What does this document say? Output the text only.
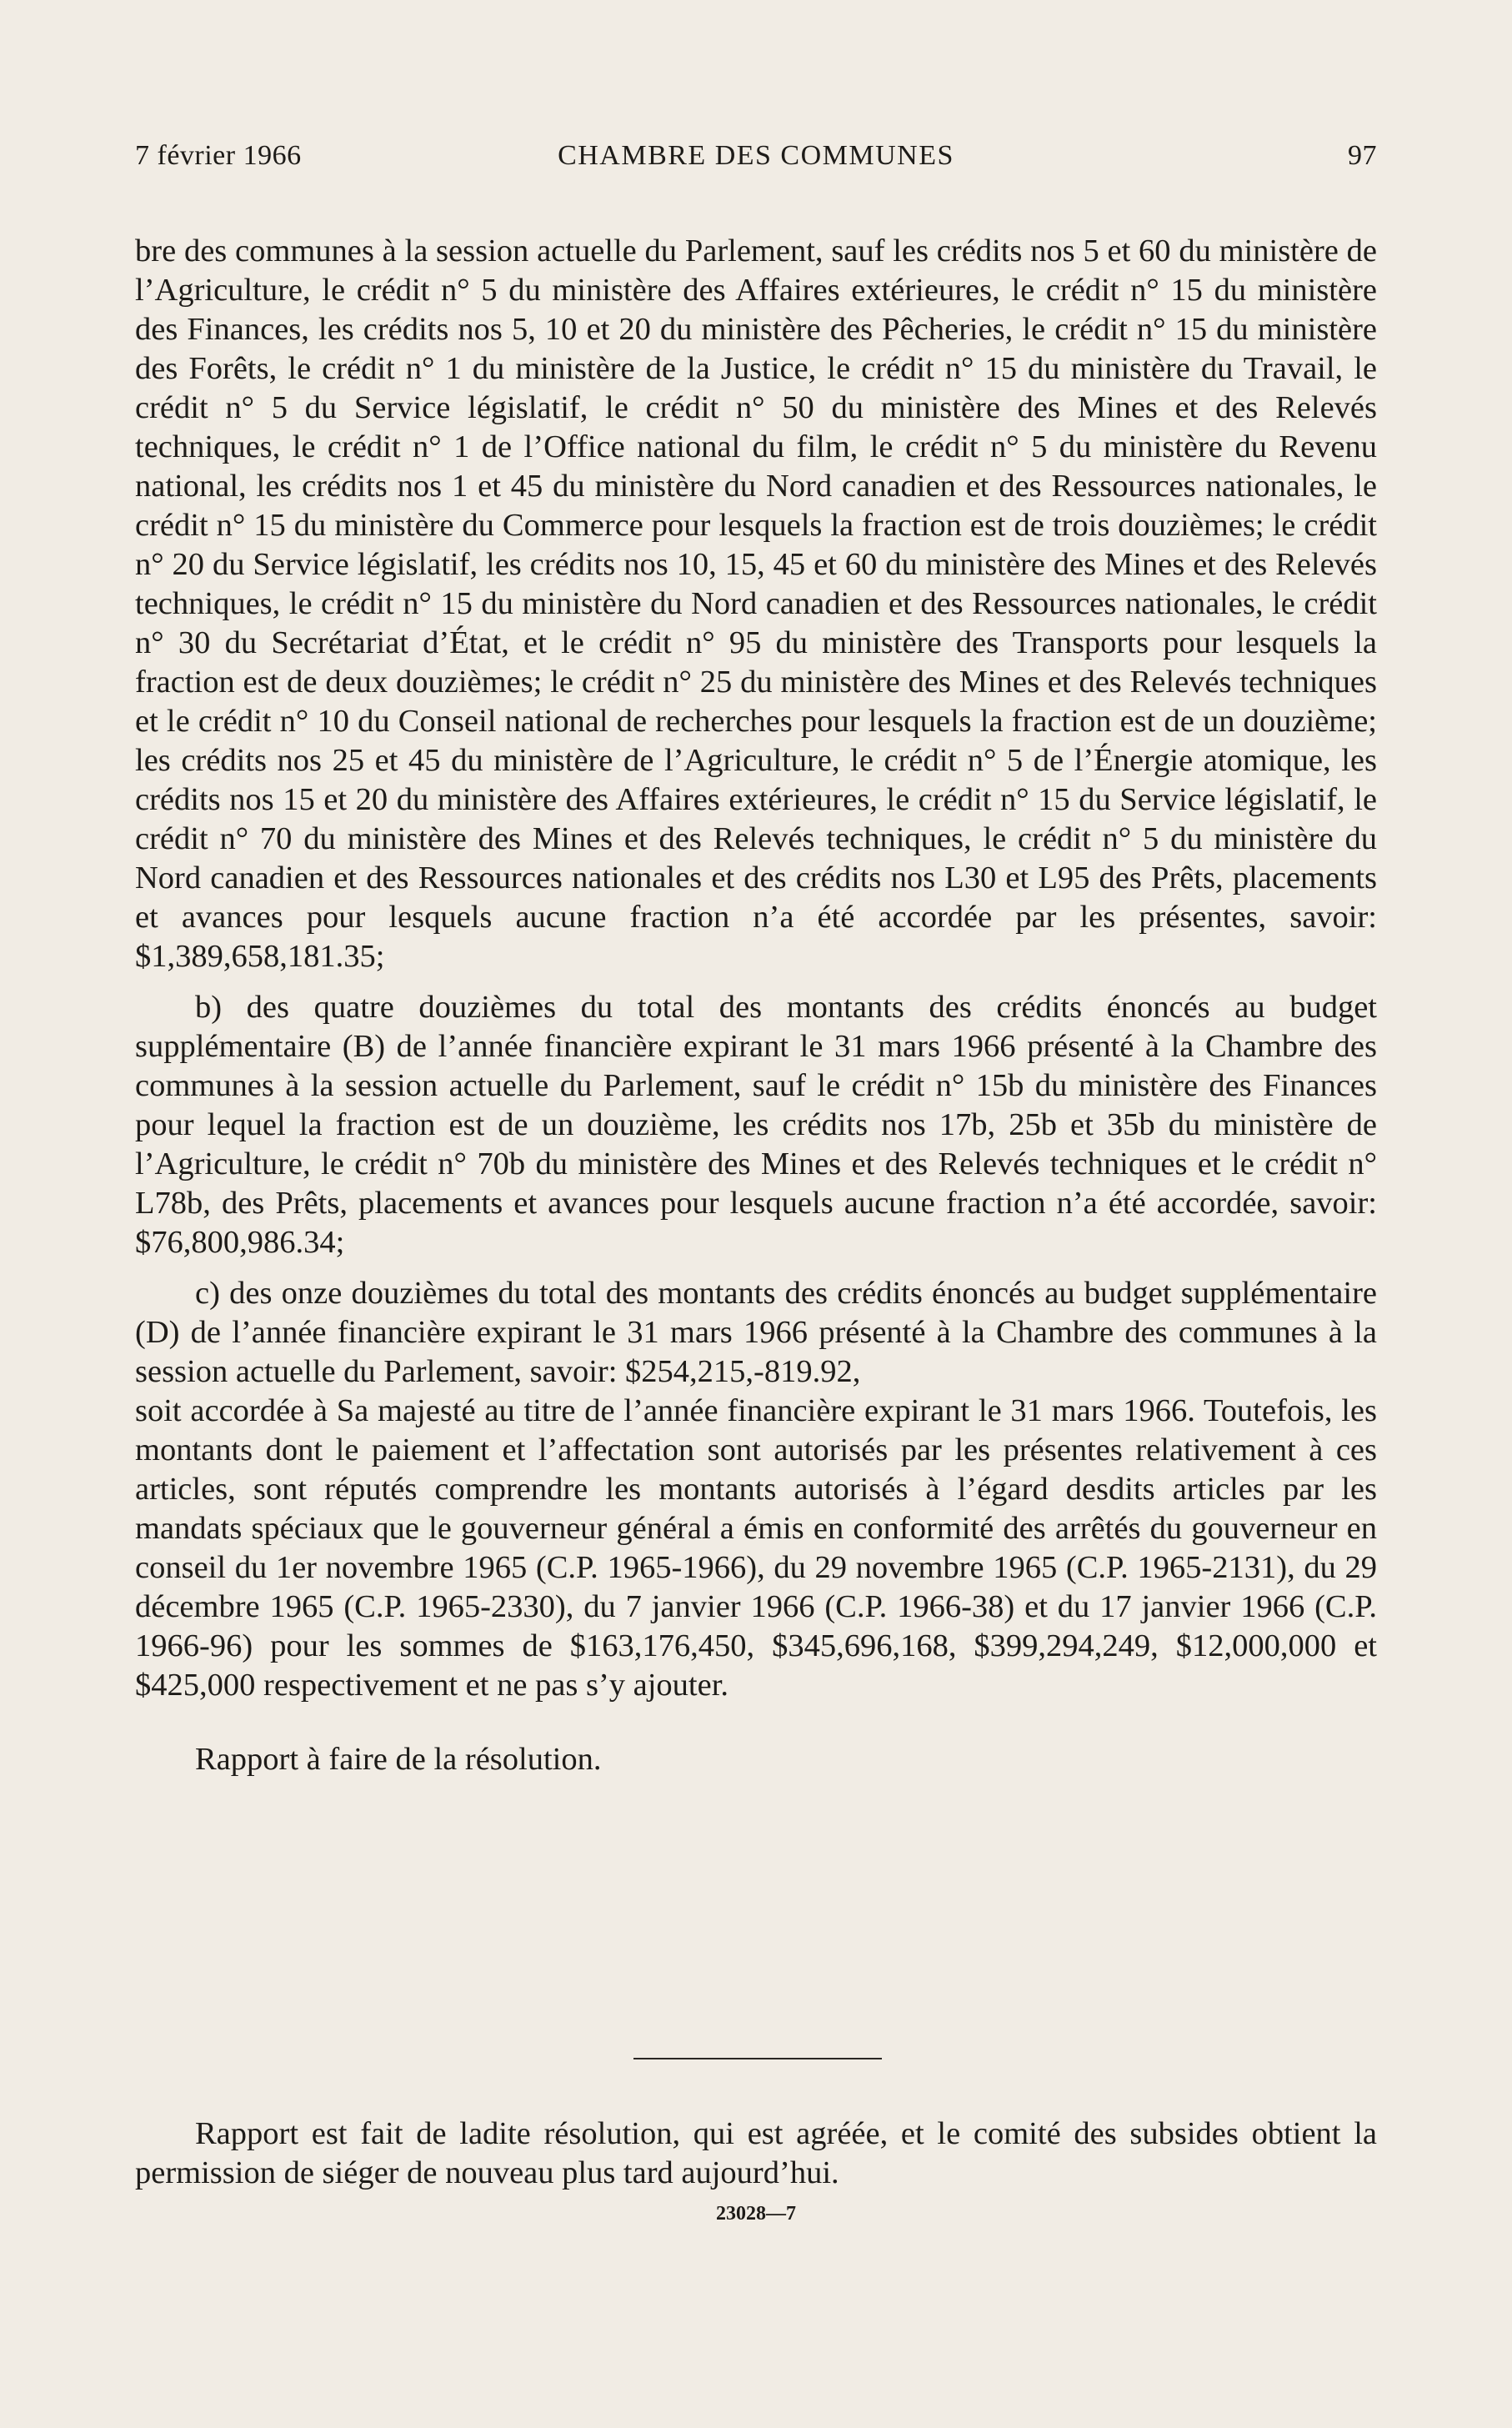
7 février 1966	CHAMBRE DES COMMUNES	97

bre des communes à la session actuelle du Parlement, sauf les crédits nos 5 et 60 du ministère de l’Agriculture, le crédit n° 5 du ministère des Affaires extérieures, le crédit n° 15 du ministère des Finances, les crédits nos 5, 10 et 20 du ministère des Pêcheries, le crédit n° 15 du ministère des Forêts, le crédit n° 1 du ministère de la Justice, le crédit n° 15 du ministère du Travail, le crédit n° 5 du Service législatif, le crédit n° 50 du ministère des Mines et des Relevés techniques, le crédit n° 1 de l’Office national du film, le crédit n° 5 du ministère du Revenu national, les crédits nos 1 et 45 du ministère du Nord canadien et des Ressources nationales, le crédit n° 15 du ministère du Commerce pour lesquels la fraction est de trois douzièmes; le crédit n° 20 du Service législatif, les crédits nos 10, 15, 45 et 60 du ministère des Mines et des Relevés techniques, le crédit n° 15 du ministère du Nord canadien et des Ressources nationales, le crédit n° 30 du Secrétariat d’État, et le crédit n° 95 du ministère des Transports pour lesquels la fraction est de deux douzièmes; le crédit n° 25 du ministère des Mines et des Relevés techniques et le crédit n° 10 du Conseil national de recherches pour lesquels la fraction est de un douzième; les crédits nos 25 et 45 du ministère de l’Agriculture, le crédit n° 5 de l’Énergie atomique, les crédits nos 15 et 20 du ministère des Affaires extérieures, le crédit n° 15 du Service législatif, le crédit n° 70 du ministère des Mines et des Relevés techniques, le crédit n° 5 du ministère du Nord canadien et des Ressources nationales et des crédits nos L30 et L95 des Prêts, placements et avances pour lesquels aucune fraction n’a été accordée par les présentes, savoir: $1,389,658,181.35;

b) des quatre douzièmes du total des montants des crédits énoncés au budget supplémentaire (B) de l’année financière expirant le 31 mars 1966 présenté à la Chambre des communes à la session actuelle du Parlement, sauf le crédit n° 15b du ministère des Finances pour lequel la fraction est de un douzième, les crédits nos 17b, 25b et 35b du ministère de l’Agriculture, le crédit n° 70b du ministère des Mines et des Relevés techniques et le crédit n° L78b, des Prêts, placements et avances pour lesquels aucune fraction n’a été accordée, savoir: $76,800,986.34;

c) des onze douzièmes du total des montants des crédits énoncés au budget supplémentaire (D) de l’année financière expirant le 31 mars 1966 présenté à la Chambre des communes à la session actuelle du Parlement, savoir: $254,215,-819.92,

soit accordée à Sa majesté au titre de l’année financière expirant le 31 mars 1966. Toutefois, les montants dont le paiement et l’affectation sont autorisés par les présentes relativement à ces articles, sont réputés comprendre les montants autorisés à l’égard desdits articles par les mandats spéciaux que le gouverneur général a émis en conformité des arrêtés du gouverneur en conseil du 1er novembre 1965 (C.P. 1965-1966), du 29 novembre 1965 (C.P. 1965-2131), du 29 décembre 1965 (C.P. 1965-2330), du 7 janvier 1966 (C.P. 1966-38) et du 17 janvier 1966 (C.P. 1966-96) pour les sommes de $163,176,450, $345,696,168, $399,294,249, $12,000,000 et $425,000 respectivement et ne pas s’y ajouter.

Rapport à faire de la résolution.

Rapport est fait de ladite résolution, qui est agréée, et le comité des subsides obtient la permission de siéger de nouveau plus tard aujourd’hui.

23028—7
